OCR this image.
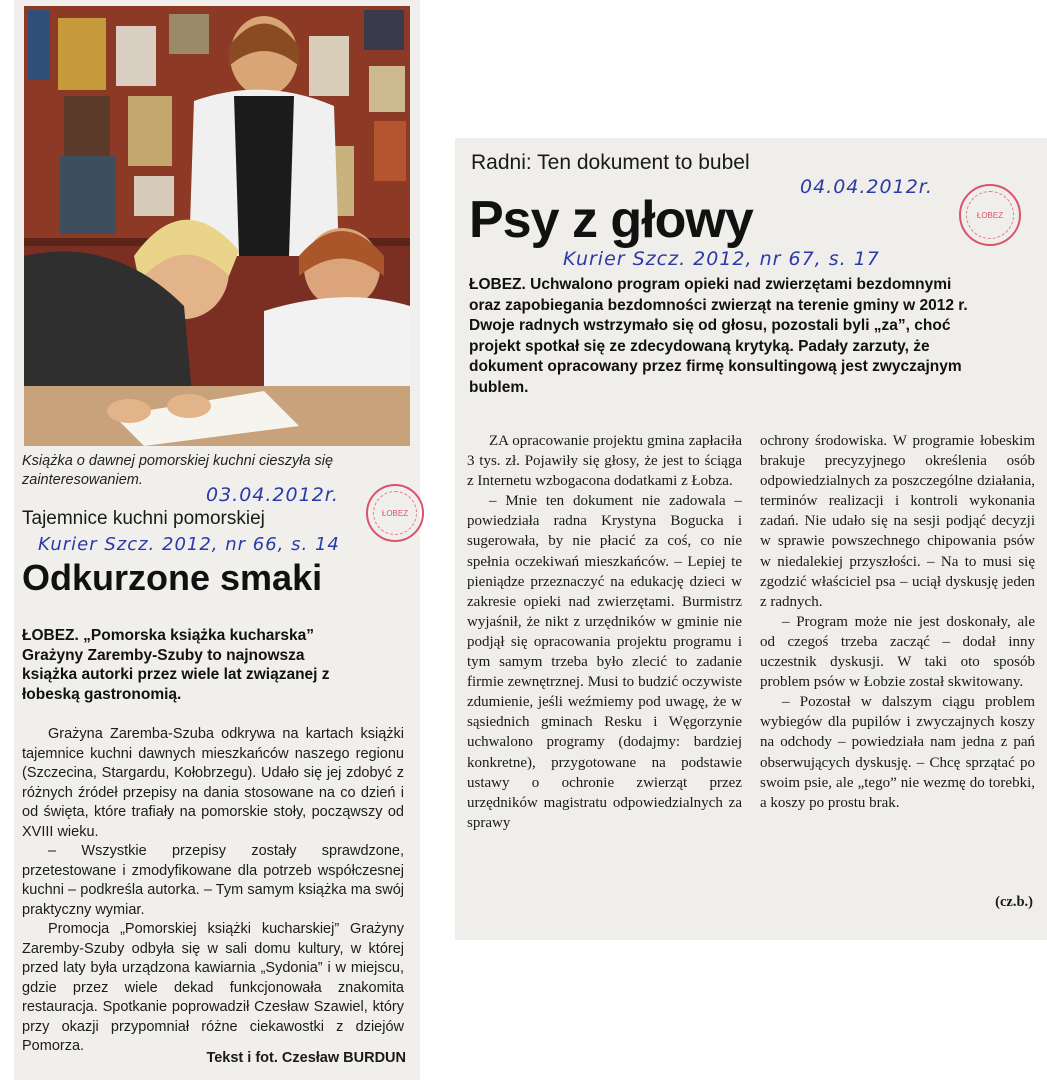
Książka o dawnej pomorskiej kuchni cieszyła się zainteresowaniem.
03.04.2012r.
ŁOBEZ
Tajemnice kuchni pomorskiej
Kurier Szcz. 2012, nr 66, s. 14
Odkurzone smaki
ŁOBEZ. „Pomorska książka kucharska” Grażyny Zaremby-Szuby to najnowsza książka autorki przez wiele lat związanej z łobeską gastronomią.

Grażyna Zaremba-Szuba odkrywa na kartach książki tajemnice kuchni dawnych mieszkańców naszego regionu (Szczecina, Stargardu, Kołobrzegu). Udało się jej zdobyć z różnych źródeł przepisy na dania stosowane na co dzień i od święta, które trafiały na pomorskie stoły, począwszy od XVIII wieku.

– Wszystkie przepisy zostały sprawdzone, przetestowane i zmodyfikowane dla potrzeb współczesnej kuchni – podkreśla autorka. – Tym samym książka ma swój praktyczny wymiar.

Promocja „Pomorskiej książki kucharskiej” Grażyny Zaremby-Szuby odbyła się w sali domu kultury, w której przed laty była urządzona kawiarnia „Sydonia” i w miejscu, gdzie przez wiele dekad funkcjonowała znakomita restauracja. Spotkanie poprowadził Czesław Szawiel, który przy okazji przypomniał różne ciekawostki z dziejów Pomorza.

Tekst i fot. Czesław BURDUN
Radni: Ten dokument to bubel
04.04.2012r.
ŁOBEZ
Psy z głowy
Kurier Szcz. 2012, nr 67, s. 17
ŁOBEZ. Uchwalono program opieki nad zwierzętami bezdomnymi oraz zapobiegania bezdomności zwierząt na terenie gminy w 2012 r. Dwoje radnych wstrzymało się od głosu, pozostali byli „za”, choć projekt spotkał się ze zdecydowaną krytyką. Padały zarzuty, że dokument opracowany przez firmę konsultingową jest zwyczajnym bublem.

ZA opracowanie projektu gmina zapłaciła 3 tys. zł. Pojawiły się głosy, że jest to ściąga z Internetu wzbogacona dodatkami z Łobza.

– Mnie ten dokument nie zadowala – powiedziała radna Krystyna Bogucka i sugerowała, by nie płacić za coś, co nie spełnia oczekiwań mieszkańców. – Lepiej te pieniądze przeznaczyć na edukację dzieci w zakresie opieki nad zwierzętami. Burmistrz wyjaśnił, że nikt z urzędników w gminie nie podjął się opracowania projektu programu i tym samym trzeba było zlecić to zadanie firmie zewnętrznej. Musi to budzić oczywiste zdumienie, jeśli weźmiemy pod uwagę, że w sąsiednich gminach Resku i Węgorzynie uchwalono programy (dodajmy: bardziej konkretne), przygotowane na podstawie ustawy o ochronie zwierząt przez urzędników magistratu odpowiedzialnych za sprawy

ochrony środowiska. W programie łobeskim brakuje precyzyjnego określenia osób odpowiedzialnych za poszczególne działania, terminów realizacji i kontroli wykonania zadań. Nie udało się na sesji podjąć decyzji w sprawie powszechnego chipowania psów w niedalekiej przyszłości. – Na to musi się zgodzić właściciel psa – uciął dyskusję jeden z radnych.

– Program może nie jest doskonały, ale od czegoś trzeba zacząć – dodał inny uczestnik dyskusji. W taki oto sposób problem psów w Łobzie został skwitowany.

– Pozostał w dalszym ciągu problem wybiegów dla pupilów i zwyczajnych koszy na odchody – powiedziała nam jedna z pań obserwujących dyskusję. – Chcę sprzątać po swoim psie, ale „tego” nie wezmę do torebki, a koszy po prostu brak.

(cz.b.)
